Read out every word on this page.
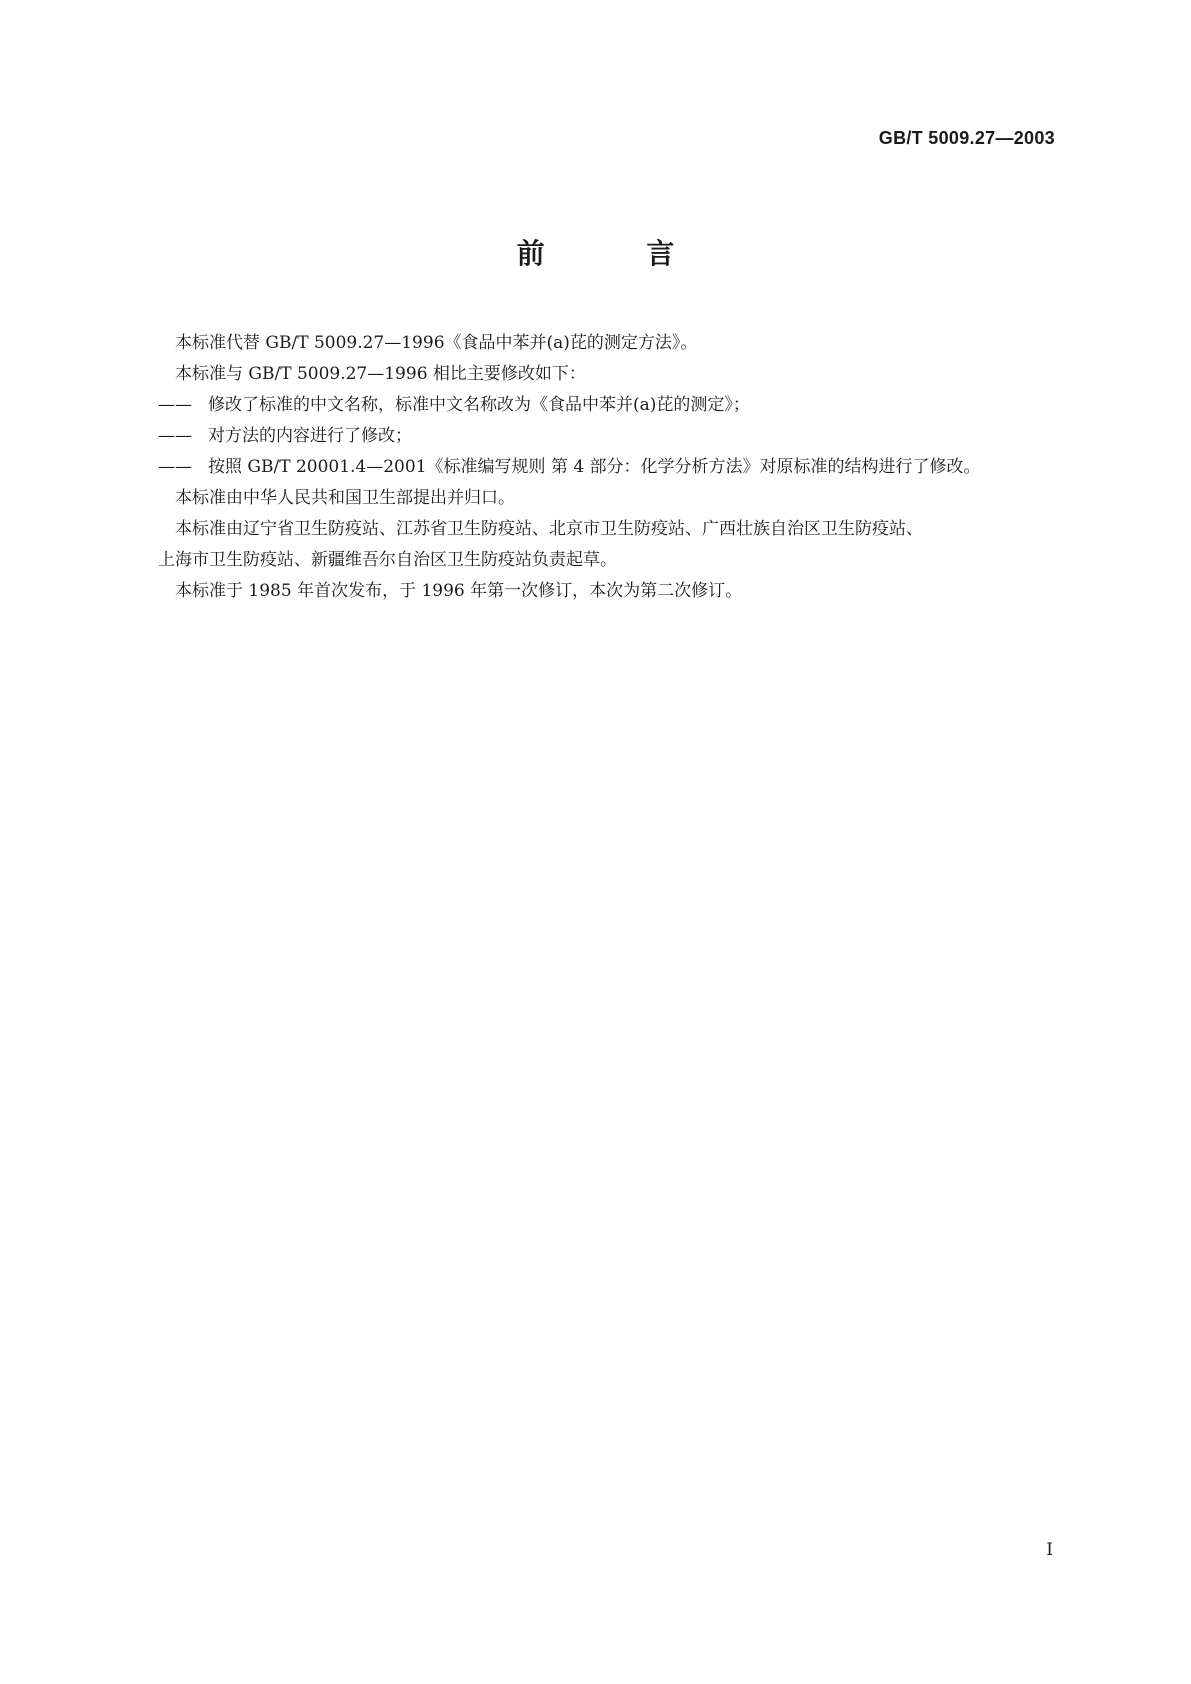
GB/T 5009.27—2003
前 言

本标准代替 GB/T 5009.27—1996《食品中苯并(a)芘的测定方法》。

本标准与 GB/T 5009.27—1996 相比主要修改如下：

—— 修改了标准的中文名称，标准中文名称改为《食品中苯并(a)芘的测定》；

—— 对方法的内容进行了修改；

—— 按照 GB/T 20001.4—2001《标准编写规则 第 4 部分：化学分析方法》对原标准的结构进行了修改。

本标准由中华人民共和国卫生部提出并归口。

本标准由辽宁省卫生防疫站、江苏省卫生防疫站、北京市卫生防疫站、广西壮族自治区卫生防疫站、

上海市卫生防疫站、新疆维吾尔自治区卫生防疫站负责起草。

本标准于 1985 年首次发布，于 1996 年第一次修订，本次为第二次修订。

I
